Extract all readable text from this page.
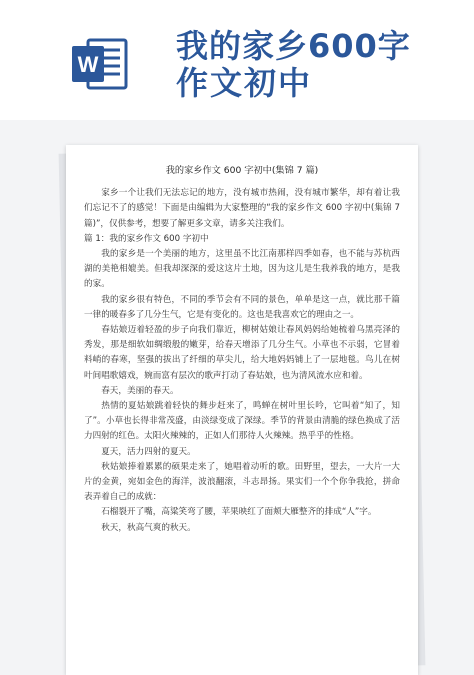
W 我的家乡600字
作文初中
我的家乡作文 600 字初中(集锦 7 篇)

家乡一个让我们无法忘记的地方，没有城市热闹，没有城市繁华，却有着让我们忘记不了的感觉！下面是由编辑为大家整理的“我的家乡作文 600 字初中(集锦 7 篇)”，仅供参考，想要了解更多文章，请多关注我们。

篇 1：我的家乡作文 600 字初中

我的家乡是一个美丽的地方，这里虽不比江南那样四季如春，也不能与苏杭西湖的美艳相媲美。但我却深深的爱这这片土地，因为这儿是生我养我的地方，是我的家。

我的家乡很有特色，不同的季节会有不同的景色，单单是这一点，就比那千篇一律的暖春多了几分生气，它是有变化的。这也是我喜欢它的理由之一。

春姑娘迈着轻盈的步子向我们靠近，柳树姑娘让春风妈妈给她梳着乌黑亮泽的秀发，那是细软如绸缎般的嫩芽，给春天增添了几分生气。小草也不示弱，它冒着料峭的春寒，坚强的拔出了纤细的草尖儿，给大地妈妈铺上了一层地毯。鸟儿在树叶间唱歌嬉戏，婉而富有层次的歌声打动了春姑娘，也为清风流水应和着。

春天，美丽的春天。

热情的夏姑娘跳着轻快的舞步赶来了，鸣蝉在树叶里长吟，它叫着“知了，知了”。小草也长得非常茂盛，由淡绿变成了深绿。季节的背景由清脆的绿色换成了活力四射的红色。太阳火辣辣的，正如人们那待人火辣辣。热乎乎的性格。

夏天，活力四射的夏天。

秋姑娘捧着累累的硕果走来了，她唱着动听的歌。田野里，望去，一大片一大片的金黄，宛如金色的海洋，波浪翻滚，斗志昂扬。果实们一个个你争我抢，拼命表弄着自己的成就：

石榴裂开了嘴，高粱笑弯了腰，苹果映红了面颊大雁整齐的排成“人”字。

秋天，秋高气爽的秋天。
